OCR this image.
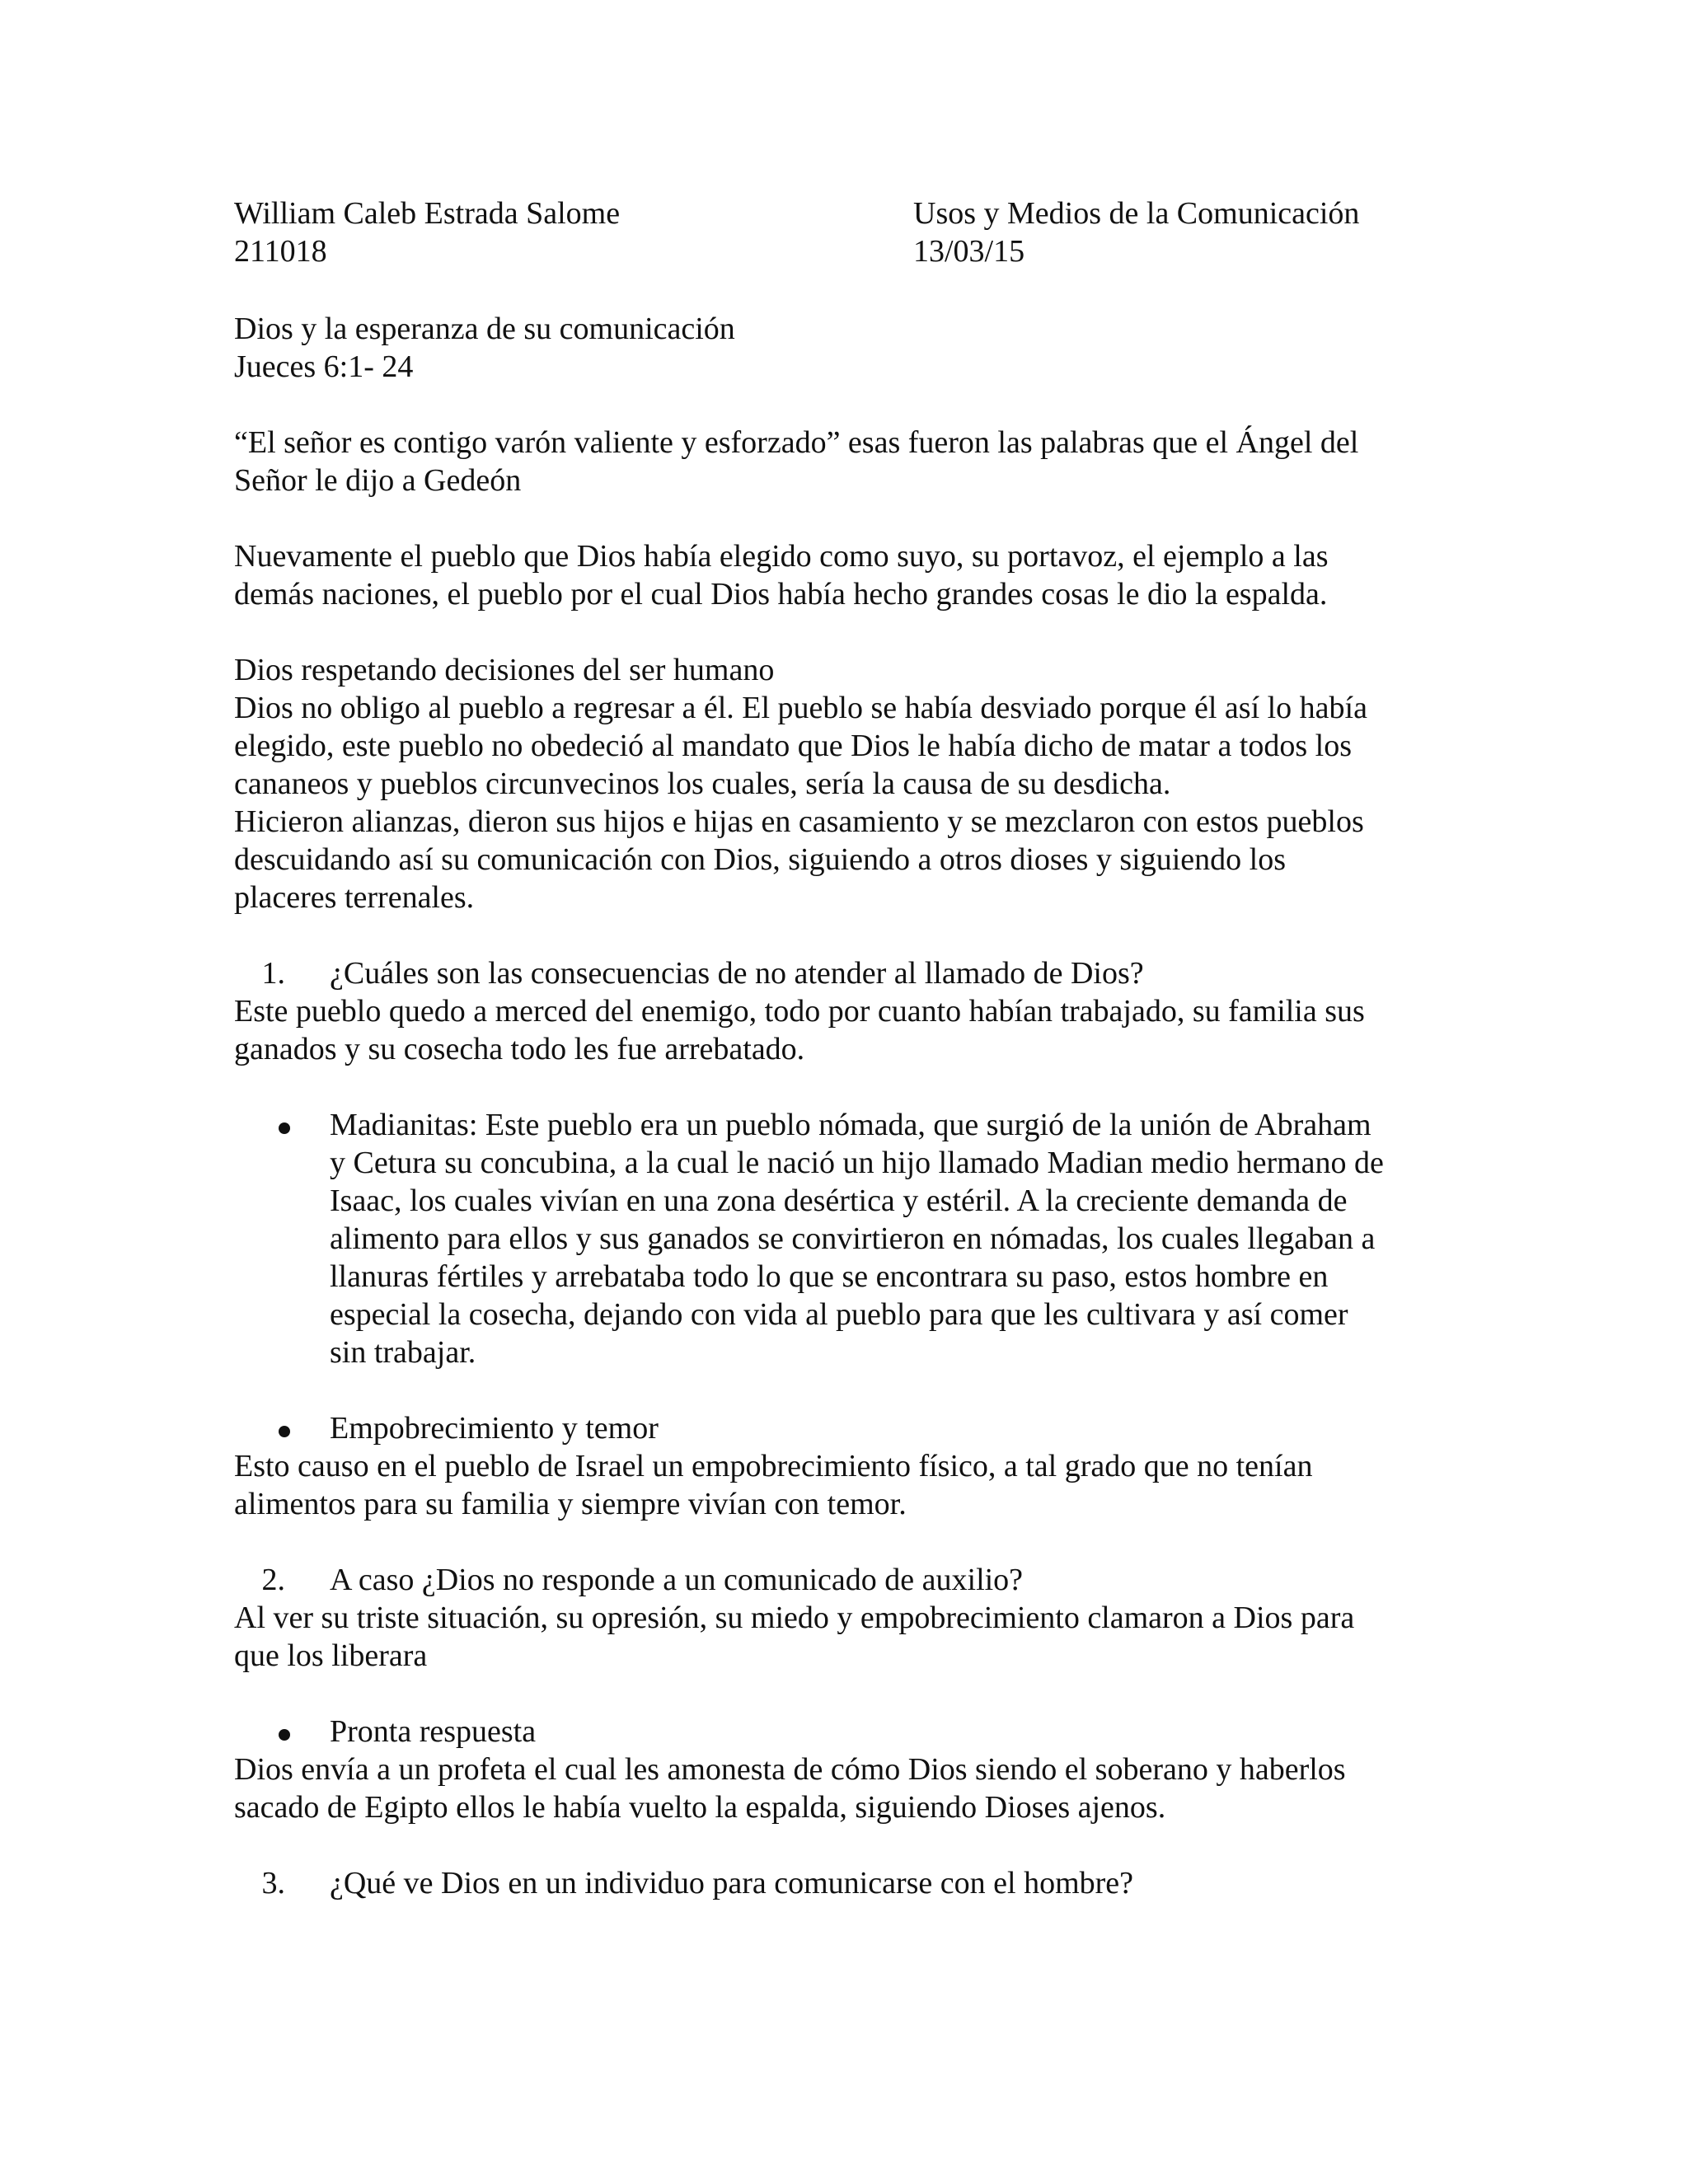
William Caleb Estrada Salome	Usos y Medios de la Comunicación
211018	13/03/15
Dios y la esperanza de su comunicación
Jueces 6:1- 24
“El señor es contigo varón valiente y esforzado” esas fueron las palabras que el Ángel del
Señor le dijo a Gedeón
Nuevamente el pueblo que Dios había elegido como suyo, su portavoz, el ejemplo a las
demás naciones, el pueblo por el cual Dios había hecho grandes cosas le dio la espalda.
Dios respetando decisiones del ser humano
Dios no obligo al pueblo a regresar a él. El pueblo se había desviado porque él así lo había
elegido, este pueblo no obedeció al mandato que Dios le había dicho de matar a todos los
cananeos y pueblos circunvecinos los cuales, sería la causa de su desdicha.
Hicieron alianzas, dieron sus hijos e hijas en casamiento y se mezclaron con estos pueblos
descuidando así su comunicación con Dios, siguiendo a otros dioses y siguiendo los
placeres terrenales.
1. ¿Cuáles son las consecuencias de no atender al llamado de Dios?
Este pueblo quedo a merced del enemigo, todo por cuanto habían trabajado, su familia sus
ganados y su cosecha todo les fue arrebatado.
Madianitas: Este pueblo era un pueblo nómada, que surgió de la unión de Abraham
y Cetura su concubina, a la cual le nació un hijo llamado Madian medio hermano de
Isaac, los cuales vivían en una zona desértica y estéril. A la creciente demanda de
alimento para ellos y sus ganados se convirtieron en nómadas, los cuales llegaban a
llanuras fértiles y arrebataba todo lo que se encontrara su paso, estos hombre en
especial la cosecha, dejando con vida al pueblo para que les cultivara y así comer
sin trabajar.
Empobrecimiento y temor
Esto causo en el pueblo de Israel un empobrecimiento físico, a tal grado que no tenían
alimentos para su familia y siempre vivían con temor.
2. A caso ¿Dios no responde a un comunicado de auxilio?
Al ver su triste situación, su opresión, su miedo y empobrecimiento clamaron a Dios para
que los liberara
Pronta respuesta
Dios envía a un profeta el cual les amonesta de cómo Dios siendo el soberano y haberlos
sacado de Egipto ellos le había vuelto la espalda, siguiendo Dioses ajenos.
3. ¿Qué ve Dios en un individuo para comunicarse con el hombre?
